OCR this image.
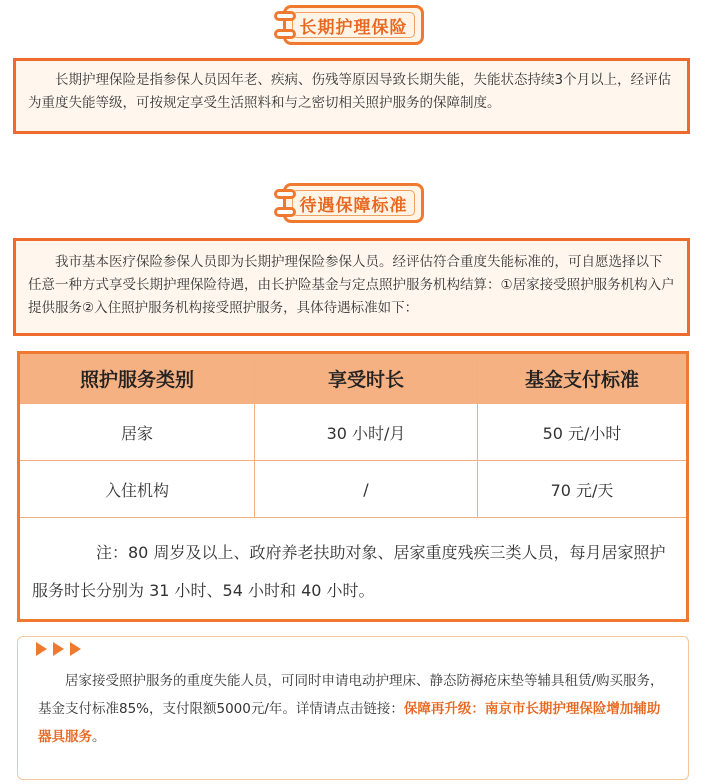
长期护理保险

长期护理保险是指参保人员因年老、疾病、伤残等原因导致长期失能，失能状态持续3个月以上，经评估为重度失能等级，可按规定享受生活照料和与之密切相关照护服务的保障制度。

待遇保障标准

我市基本医疗保险参保人员即为长期护理保险参保人员。经评估符合重度失能标准的，可自愿选择以下任意一种方式享受长期护理保险待遇，由长护险基金与定点照护服务机构结算：①居家接受照护服务机构入户提供服务②入住照护服务机构接受照护服务，具体待遇标准如下：

照护服务类别	享受时长	基金支付标准
居家	30 小时/月	50 元/小时
入住机构	/	70 元/天

注：80 周岁及以上、政府养老扶助对象、居家重度残疾三类人员，每月居家照护服务时长分别为 31 小时、54 小时和 40 小时。

居家接受照护服务的重度失能人员，可同时申请电动护理床、静态防褥疮床垫等辅具租赁/购买服务，基金支付标准85%，支付限额5000元/年。详情请点击链接：保障再升级：南京市长期护理保险增加辅助器具服务。
